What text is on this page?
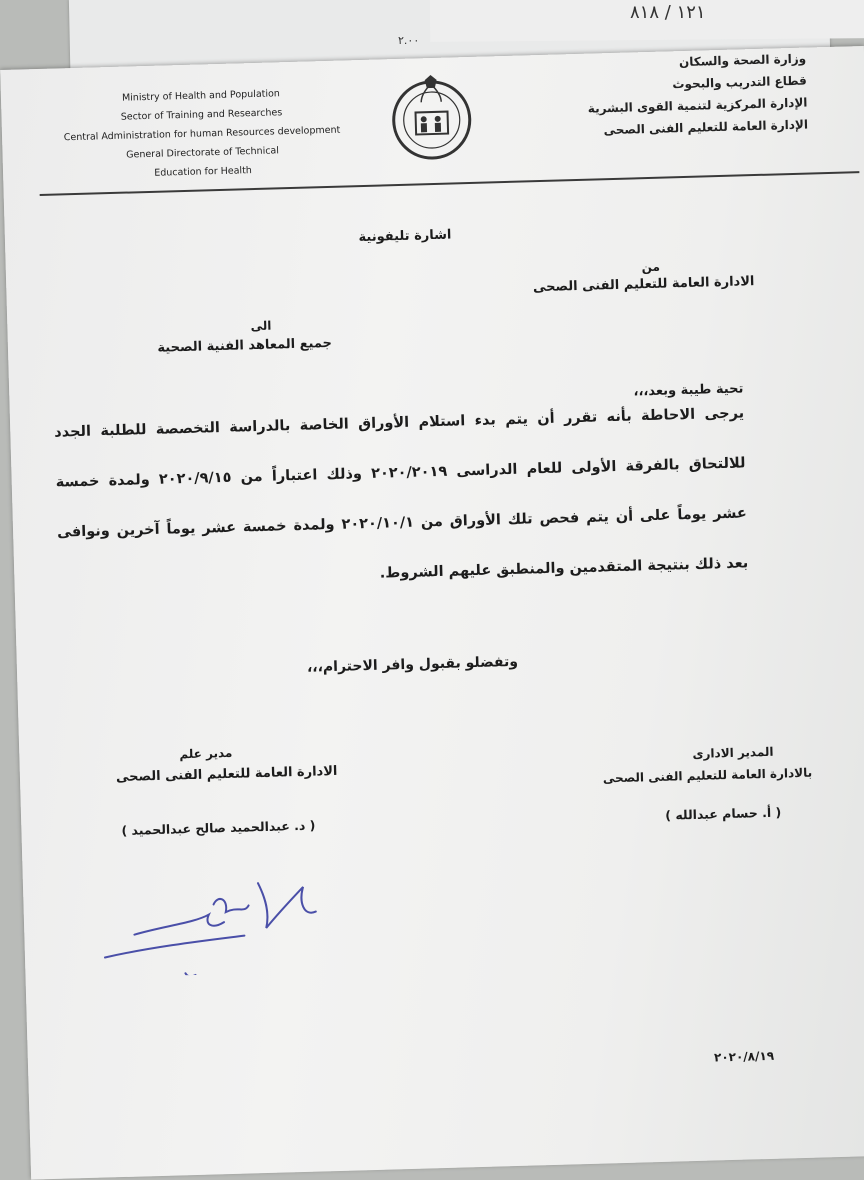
١٢١ / ٨١٨
٢.٠٠
Ministry of Health and Population
Sector of Training and Researches
Central Administration for human Resources development
General Directorate of Technical
Education for Health
وزارة الصحة والسكان
قطاع التدريب والبحوث
الإدارة المركزية لتنمية القوى البشرية
الإدارة العامة للتعليم الفنى الصحى
اشارة تليفونية
من
الادارة العامة للتعليم الفنى الصحى
الى
جميع المعاهد الفنية الصحية
تحية طيبة وبعد،،،
يرجى الاحاطة بأنه تقرر أن يتم بدء استلام الأوراق الخاصة بالدراسة التخصصة للطلبة الجدد
للالتحاق بالفرقة الأولى للعام الدراسى ٢٠٢٠/٢٠١٩ وذلك اعتباراً من ٢٠٢٠/٩/١٥ ولمدة خمسة
عشر يوماً على أن يتم فحص تلك الأوراق من ٢٠٢٠/١٠/١ ولمدة خمسة عشر يوماً آخرين ونوافى
بعد ذلك بنتيجة المتقدمين والمنطبق عليهم الشروط.
وتفضلو بقبول وافر الاحترام،،،
مدير علم
الادارة العامة للتعليم الفنى الصحى
( د. عبدالحميد صالح عبدالحميد )
المدير الادارى
بالادارة العامة للتعليم الفنى الصحى
( أ. حسام عبدالله )
٢٠٢٠/٨/١٩
